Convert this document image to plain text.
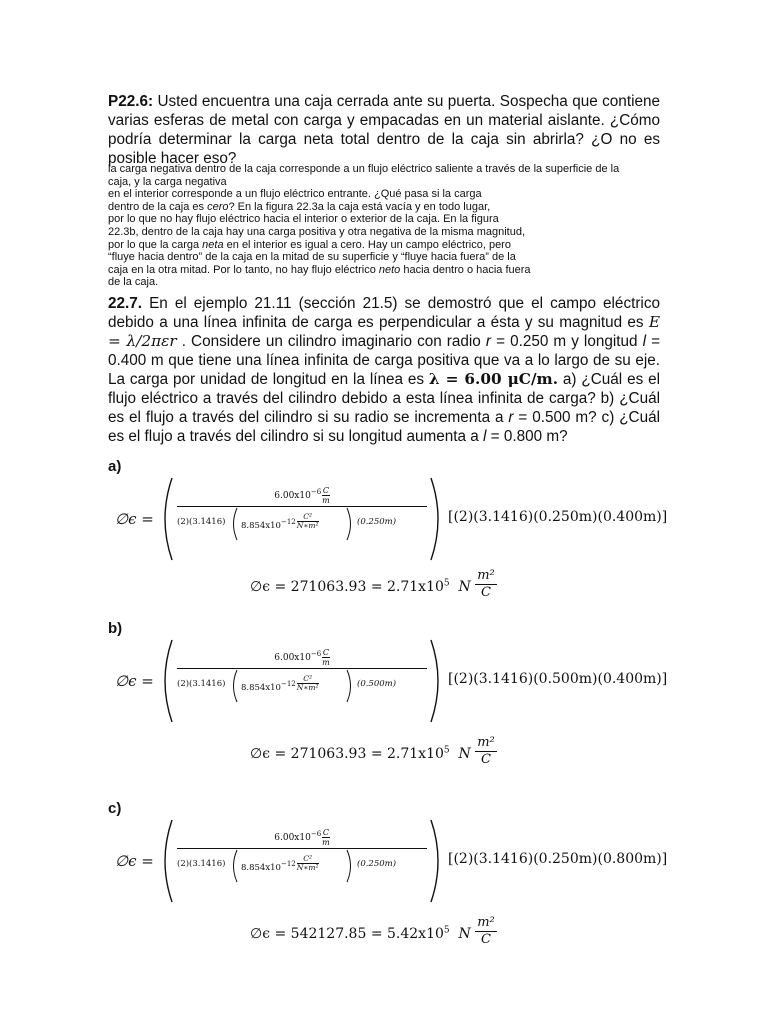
P22.6: Usted encuentra una caja cerrada ante su puerta. Sospecha que contiene varias esferas de metal con carga y empacadas en un material aislante. ¿Cómo podría determinar la carga neta total dentro de la caja sin abrirla? ¿O no es posible hacer eso?
la carga negativa dentro de la caja corresponde a un flujo eléctrico saliente a través de la superficie de la
caja, y la carga negativa
en el interior corresponde a un flujo eléctrico entrante. ¿Qué pasa si la carga
dentro de la caja es cero? En la figura 22.3a la caja está vacía y en todo lugar,
por lo que no hay flujo eléctrico hacia el interior o exterior de la caja. En la figura
22.3b, dentro de la caja hay una carga positiva y otra negativa de la misma magnitud,
por lo que la carga neta en el interior es igual a cero. Hay un campo eléctrico, pero
“fluye hacia dentro” de la caja en la mitad de su superficie y “fluye hacia fuera” de la
caja en la otra mitad. Por lo tanto, no hay flujo eléctrico neto hacia dentro o hacia fuera
de la caja.
22.7. En el ejemplo 21.11 (sección 21.5) se demostró que el campo eléctrico debido a una línea infinita de carga es perpendicular a ésta y su magnitud es E = λ/2πεr . Considere un cilindro imaginario con radio r = 0.250 m y longitud l = 0.400 m que tiene una línea infinita de carga positiva que va a lo largo de su eje. La carga por unidad de longitud en la línea es λ = 6.00 μC/m. a) ¿Cuál es el flujo eléctrico a través del cilindro debido a esta línea infinita de carga? b) ¿Cuál es el flujo a través del cilindro si su radio se incrementa a r = 0.500 m? c) ¿Cuál es el flujo a través del cilindro si su longitud aumenta a l = 0.800 m?
a)
∅ϵ =
$6.00x10^{-6} \frac{C}{m}$
(2)(3.1416) $8.854x10^{-12} \frac{\text{C²}}{\text{N∗m²}}$	(0.250m)	[(2)(3.1416)(0.250m)(0.400m)]
∅ϵ = $271063.93 = 2.71x10^5$ N $\frac{\text{m²}}{C}$
b)
∅ϵ =
$6.00x10^{-6} \frac{C}{m}$
(2)(3.1416) $8.854x10^{-12} \frac{\text{C²}}{\text{N∗m²}}$	(0.500m)	[(2)(3.1416)(0.500m)(0.400m)]
∅ϵ = $271063.93 = 2.71x10^5$ N $\frac{\text{m²}}{C}$
c)
∅ϵ =
$6.00x10^{-6} \frac{C}{m}$
(2)(3.1416) $8.854x10^{-12} \frac{\text{C²}}{\text{N∗m²}}$	(0.250m)	[(2)(3.1416)(0.250m)(0.800m)]
∅ϵ = $542127.85 = 5.42x10^5$ N $\frac{\text{m²}}{C}$
